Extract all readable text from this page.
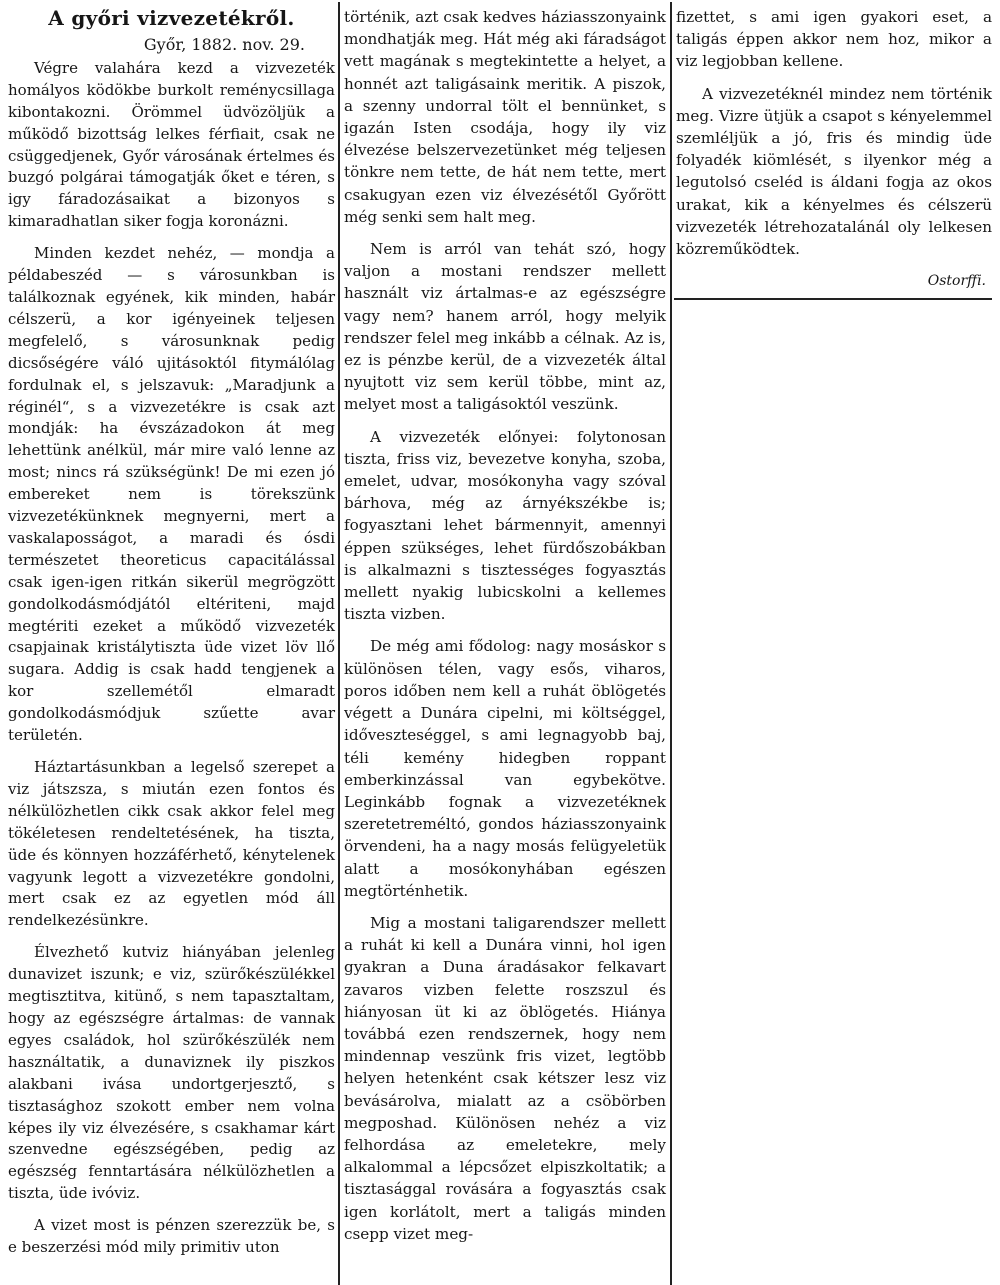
A győri vizvezetékről.
Győr, 1882. nov. 29.

Végre valahára kezd a vizvezeték homályos ködökbe burkolt reménycsillaga kibontakozni. Örömmel üdvözöljük a működő bizottság lelkes férfiait, csak ne csüggedjenek, Győr városának értelmes és buzgó polgárai támogatják őket e téren, s igy fáradozásaikat a bizonyos s kimaradhatlan siker fogja koronázni.

Minden kezdet nehéz, — mondja a példabeszéd — s városunkban is találkoznak egyének, kik minden, habár célszerü, a kor igényeinek teljesen megfelelő, s városunknak pedig dicsőségére váló ujitásoktól fitymálólag fordulnak el, s jelszavuk: „Maradjunk a réginél“, s a vizvezetékre is csak azt mondják: ha évszázadokon át meg lehettünk anélkül, már mire való lenne az most; nincs rá szükségünk! De mi ezen jó embereket nem is törekszünk vizvezetékünknek megnyerni, mert a vaskalaposságot, a maradi és ósdi természetet theoreticus capacitálással csak igen-igen ritkán sikerül megrögzött gondolkodásmódjától eltériteni, majd megtériti ezeket a működő vizvezeték csapjainak kristálytiszta üde vizet löv llő sugara. Addig is csak hadd tengjenek a kor szellemétől elmaradt gondolkodásmódjuk szűette avar területén.

Háztartásunkban a legelső szerepet a viz játszsza, s miután ezen fontos és nélkülözhetlen cikk csak akkor felel meg tökéletesen rendeltetésének, ha tiszta, üde és könnyen hozzáférhető, kénytelenek vagyunk legott a vizvezetékre gondolni, mert csak ez az egyetlen mód áll rendelkezésünkre.

Élvezhető kutviz hiányában jelenleg dunavizet iszunk; e viz, szürőkészülékkel megtisztitva, kitünő, s nem tapasztaltam, hogy az egészségre ártalmas: de vannak egyes családok, hol szürőkészülék nem használtatik, a dunaviznek ily piszkos alakbani ivása undortgerjesztő, s tisztasághoz szokott ember nem volna képes ily viz élvezésére, s csakhamar kárt szenvedne egészségében, pedig az egészség fenntartására nélkülözhetlen a tiszta, üde ivóviz.

A vizet most is pénzen szerezzük be, s e beszerzési mód mily primitiv uton

történik, azt csak kedves háziasszonyaink mondhatják meg. Hát még aki fáradságot vett magának s megtekintette a helyet, a honnét azt taligásaink meritik. A piszok, a szenny undorral tölt el bennünket, s igazán Isten csodája, hogy ily viz élvezése belszervezetünket még teljesen tönkre nem tette, de hát nem tette, mert csakugyan ezen viz élvezésétől Győrött még senki sem halt meg.

Nem is arról van tehát szó, hogy valjon a mostani rendszer mellett használt viz ártalmas-e az egészségre vagy nem? hanem arról, hogy melyik rendszer felel meg inkább a célnak. Az is, ez is pénzbe kerül, de a vizvezeték által nyujtott viz sem kerül többe, mint az, melyet most a taligásoktól veszünk.

A vizvezeték előnyei: folytonosan tiszta, friss viz, bevezetve konyha, szoba, emelet, udvar, mosókonyha vagy szóval bárhova, még az árnyékszékbe is; fogyasztani lehet bármennyit, amennyi éppen szükséges, lehet fürdőszobákban is alkalmazni s tisztességes fogyasztás mellett nyakig lubicskolni a kellemes tiszta vizben.

De még ami fődolog: nagy mosáskor s különösen télen, vagy esős, viharos, poros időben nem kell a ruhát öblögetés végett a Dunára cipelni, mi költséggel, időveszteséggel, s ami legnagyobb baj, téli kemény hidegben roppant emberkinzással van egybekötve. Leginkább fognak a vizvezetéknek szeretetreméltó, gondos háziasszonyaink örvendeni, ha a nagy mosás felügyeletük alatt a mosókonyhában egészen megtörténhetik.

Mig a mostani taligarendszer mellett a ruhát ki kell a Dunára vinni, hol igen gyakran a Duna áradásakor felkavart zavaros vizben felette roszszul és hiányosan üt ki az öblögetés. Hiánya továbbá ezen rendszernek, hogy nem mindennap veszünk fris vizet, legtöbb helyen hetenként csak kétszer lesz viz bevásárolva, mialatt az a csöbörben megposhad. Különösen nehéz a viz felhordása az emeletekre, mely alkalommal a lépcsőzet elpiszkoltatik; a tisztasággal rovására a fogyasztás csak igen korlátolt, mert a taligás minden csepp vizet meg-

fizettet, s ami igen gyakori eset, a taligás éppen akkor nem hoz, mikor a viz legjobban kellene.

A vizvezetéknél mindez nem történik meg. Vizre ütjük a csapot s kényelemmel szemléljük a jó, fris és mindig üde folyadék kiömlését, s ilyenkor még a legutolsó cseléd is áldani fogja az okos urakat, kik a kényelmes és célszerü vizvezeték létrehozatalánál oly lelkesen közreműködtek.

Ostorffi.
